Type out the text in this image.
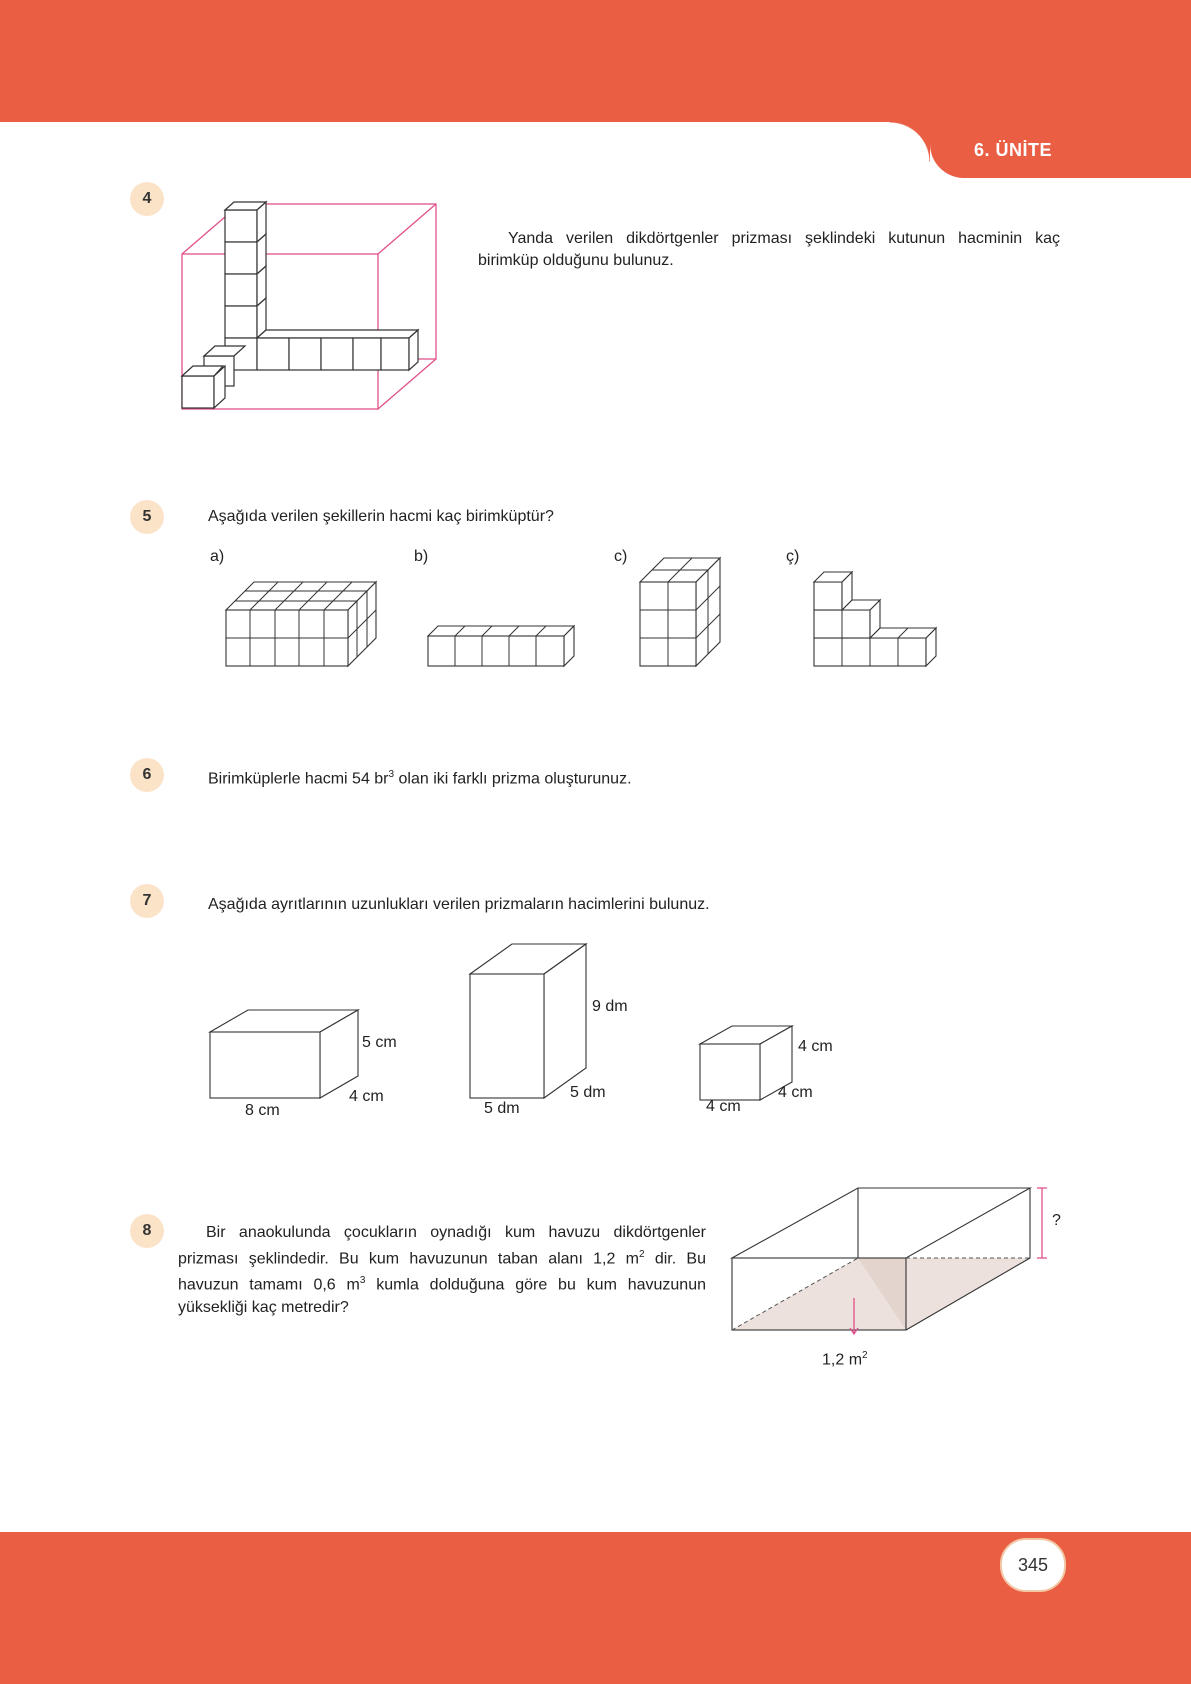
6. ÜNİTE
345
4
Yanda verilen dikdörtgenler prizması şeklindeki kutunun hacminin kaç birimküp olduğunu bulunuz.
5	Aşağıda verilen şekillerin hacmi kaç birimküptür?
a)	b)	c)	ç)
6	Birimküplerle hacmi 54 $br^3$ olan iki farklı prizma oluşturunuz.
7	Aşağıda ayrıtlarının uzunlukları verilen prizmaların hacimlerini bulunuz.
5 cm
8 cm
4 cm
9 dm
5 dm
5 dm
4 cm
4 cm
4 cm
8	Bir anaokulunda çocukların oynadığı kum havuzu dikdörtgenler prizması şeklindedir. Bu kum havuzunun taban alanı 1,2 $m^2$ dir. Bu havuzun tamamı 0,6 $m^3$ kumla dolduğuna göre bu kum havuzunun yüksekliği kaç metredir?
?
1,2 $m^2$
